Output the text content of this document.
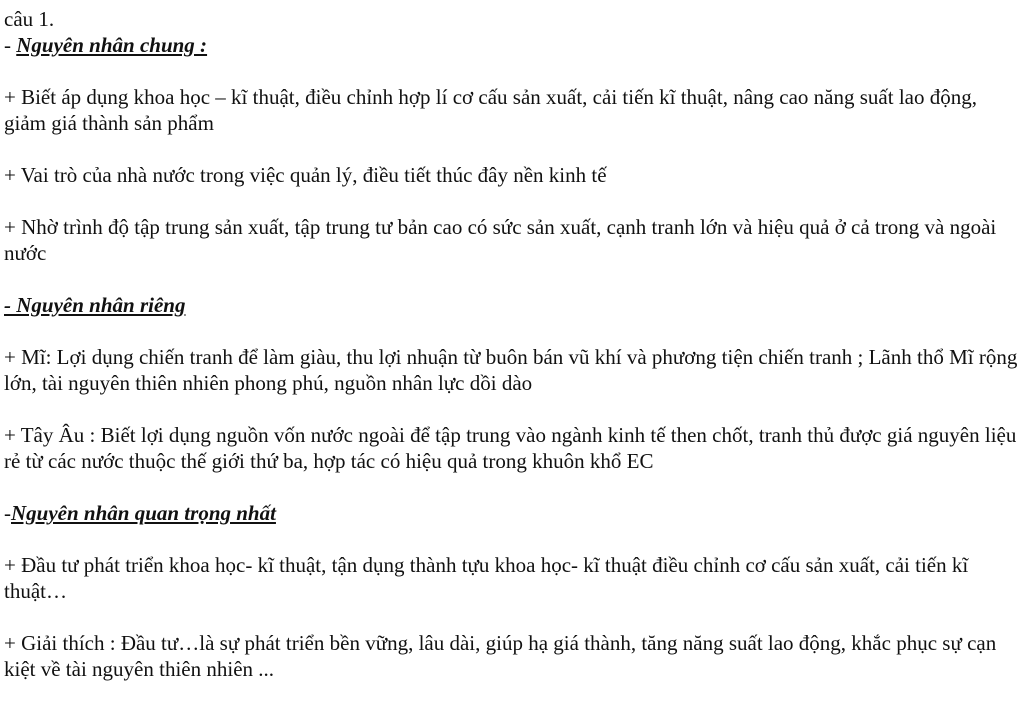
câu 1.

- Nguyên nhân chung :

+ Biết áp dụng khoa học – kĩ thuật, điều chỉnh hợp lí cơ cấu sản xuất, cải tiến kĩ thuật, nâng cao năng suất lao động, giảm giá thành sản phẩm

+ Vai trò của nhà nước trong việc quản lý, điều tiết thúc đây nền kinh tế

+ Nhờ trình độ tập trung sản xuất, tập trung tư bản cao có sức sản xuất, cạnh tranh lớn và hiệu quả ở cả trong và ngoài nước

- Nguyên nhân riêng

+ Mĩ: Lợi dụng chiến tranh để làm giàu, thu lợi nhuận từ buôn bán vũ khí và phương tiện chiến tranh ; Lãnh thổ Mĩ rộng lớn, tài nguyên thiên nhiên phong phú, nguồn nhân lực dồi dào

+ Tây Âu : Biết lợi dụng nguồn vốn nước ngoài để tập trung vào ngành kinh tế then chốt, tranh thủ được giá nguyên liệu rẻ từ các nước thuộc thế giới thứ ba, hợp tác có hiệu quả trong khuôn khổ EC

-Nguyên nhân quan trọng nhất

+ Đầu tư phát triển khoa học- kĩ thuật, tận dụng thành tựu khoa học- kĩ thuật điều chỉnh cơ cấu sản xuất, cải tiến kĩ thuật…

+ Giải thích : Đầu tư…là sự phát triển bền vững, lâu dài, giúp hạ giá thành, tăng năng suất lao động, khắc phục sự cạn kiệt về tài nguyên thiên nhiên ...
